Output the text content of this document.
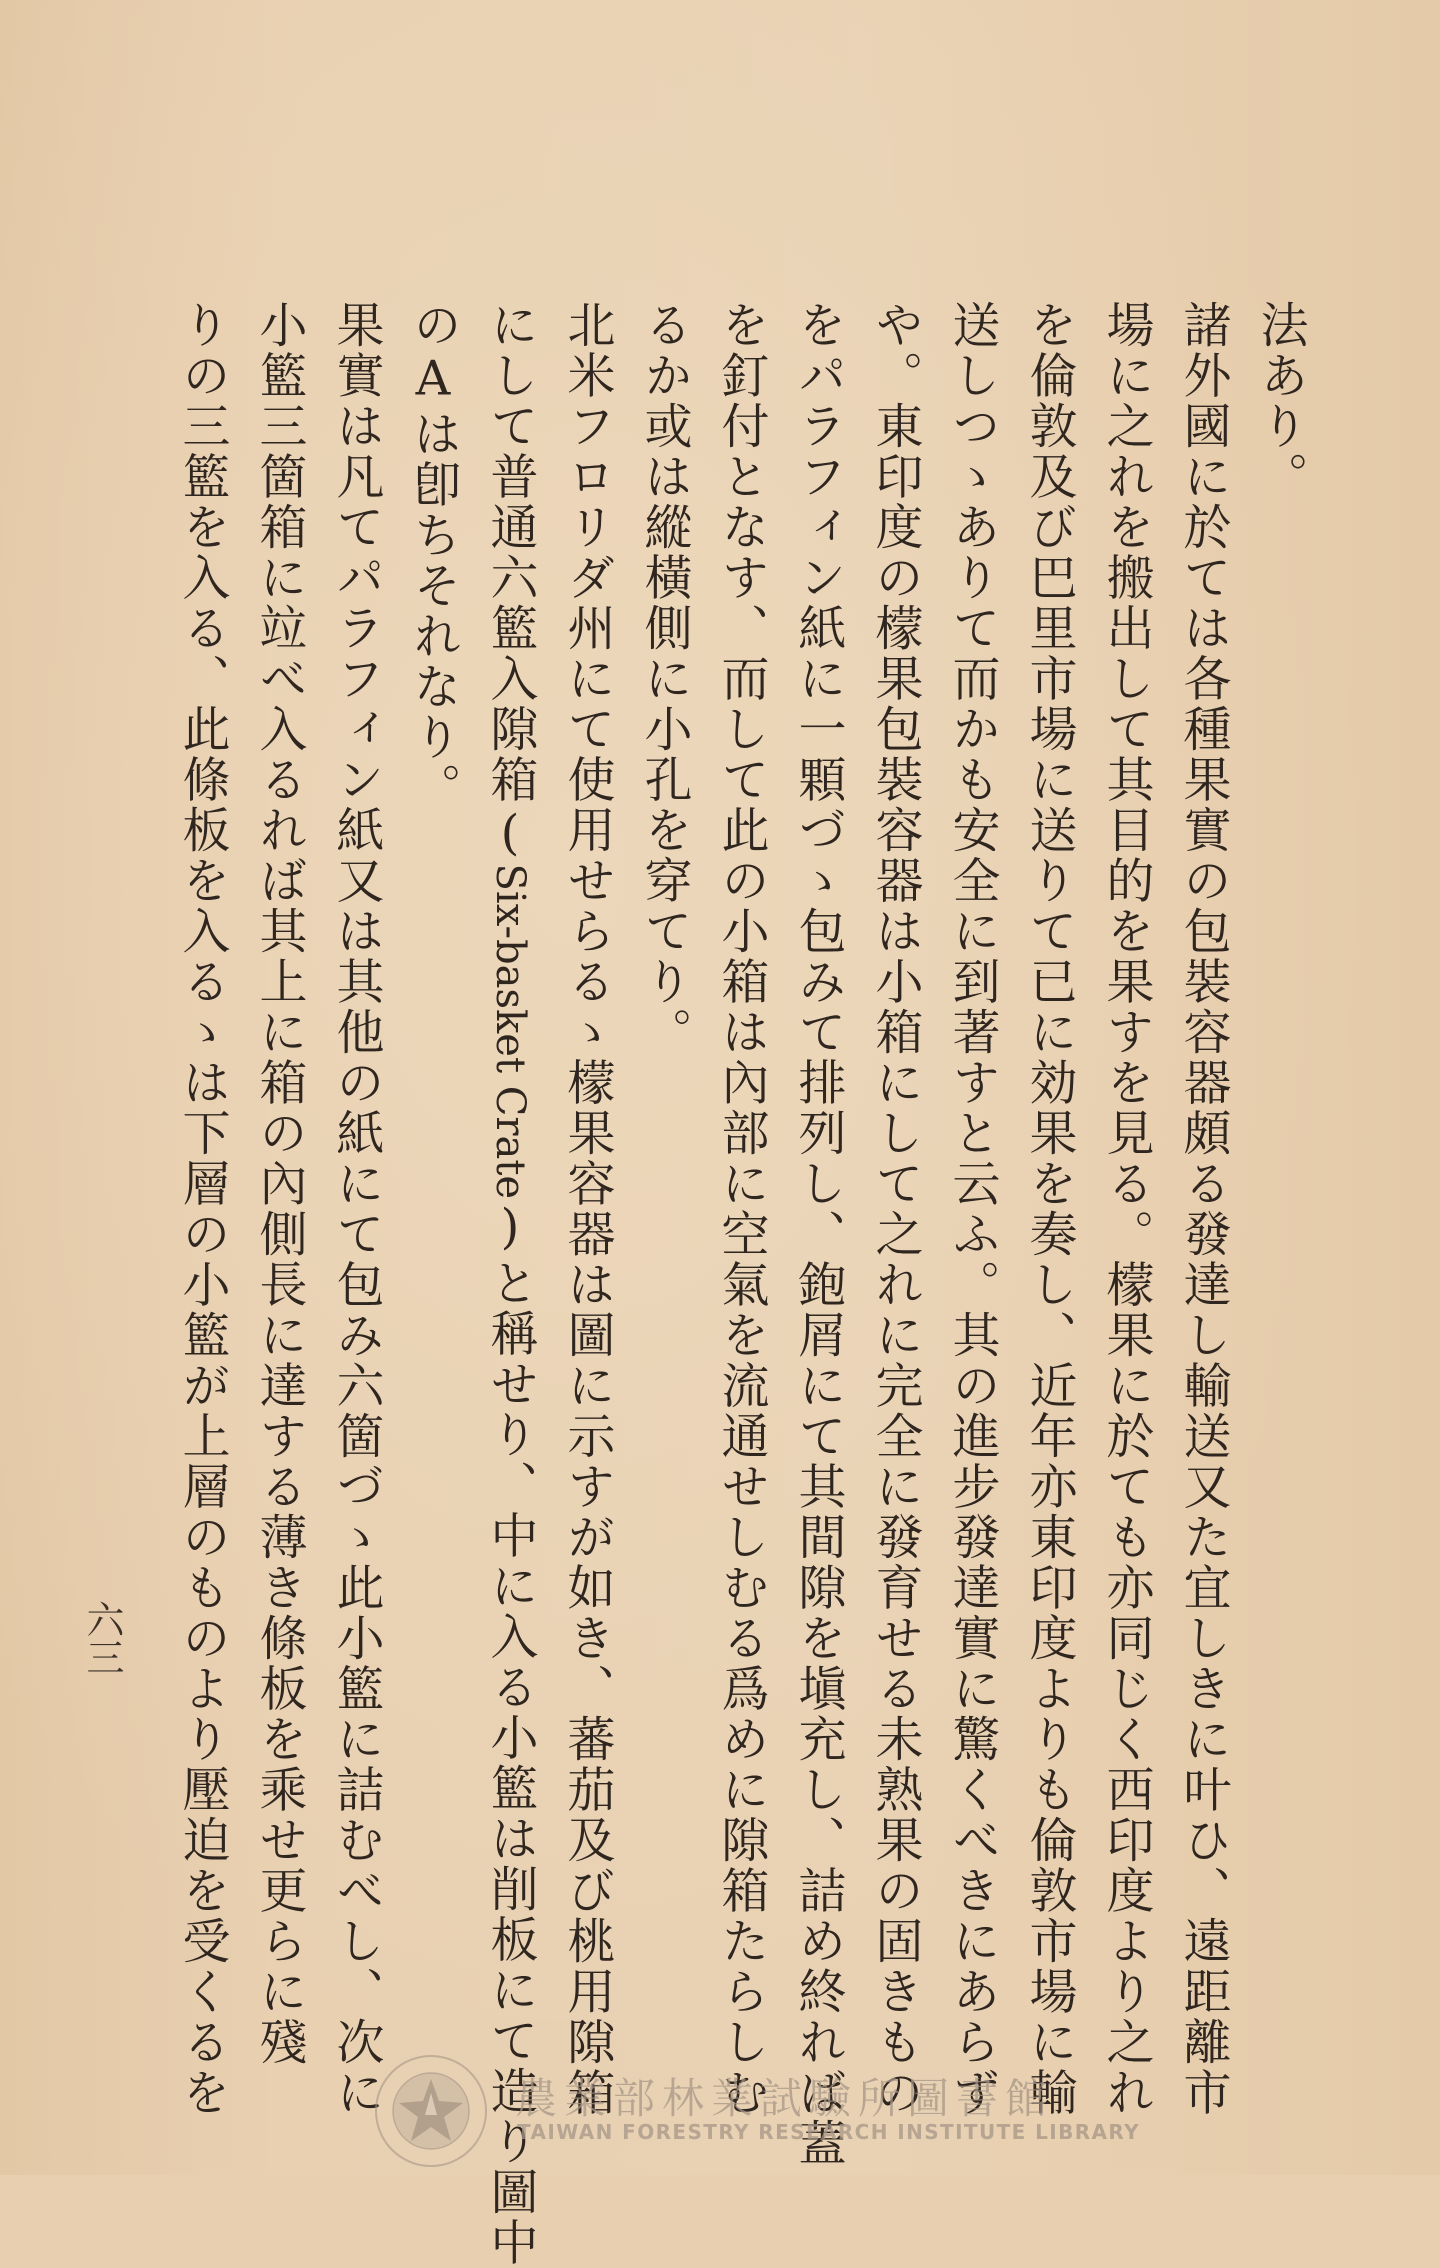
法あり。
諸外國に於ては各種果實の包裝容器頗る發達し輸送又た宜しきに叶ひ、遠距離市
場に之れを搬出して其目的を果すを見る。檬果に於ても亦同じく西印度より之れ
を倫敦及び巴里市場に送りて已に効果を奏し、近年亦東印度よりも倫敦市場に輸
送しつゝありて而かも安全に到著すと云ふ。其の進步發達實に驚くべきにあらず
や。東印度の檬果包裝容器は小箱にして之れに完全に發育せる未熟果の固きもの
をパラフィン紙に一顆づゝ包みて排列し、鉋屑にて其間隙を塡充し、詰め終れば蓋
を釘付となす、而して此の小箱は內部に空氣を流通せしむる爲めに隙箱たらしむ
るか或は縱橫側に小孔を穿てり。
北米フロリダ州にて使用せらるゝ檬果容器は圖に示すが如き、蕃茄及び桃用隙箱
にして普通六籃入隙箱(Six-basket Crate)と稱せり、中に入る小籃は削板にて造り圖中
のAは卽ちそれなり。
果實は凡てパラフィン紙又は其他の紙にて包み六箇づゝ此小籃に詰むべし、次に
小籃三箇箱に竝べ入るれば其上に箱の內側長に達する薄き條板を乘せ更らに殘
りの三籃を入る、此條板を入るゝは下層の小籃が上層のものより壓迫を受くるを
六三
農業部林業試驗所圖書館
TAIWAN FORESTRY RESEARCH INSTITUTE LIBRARY
